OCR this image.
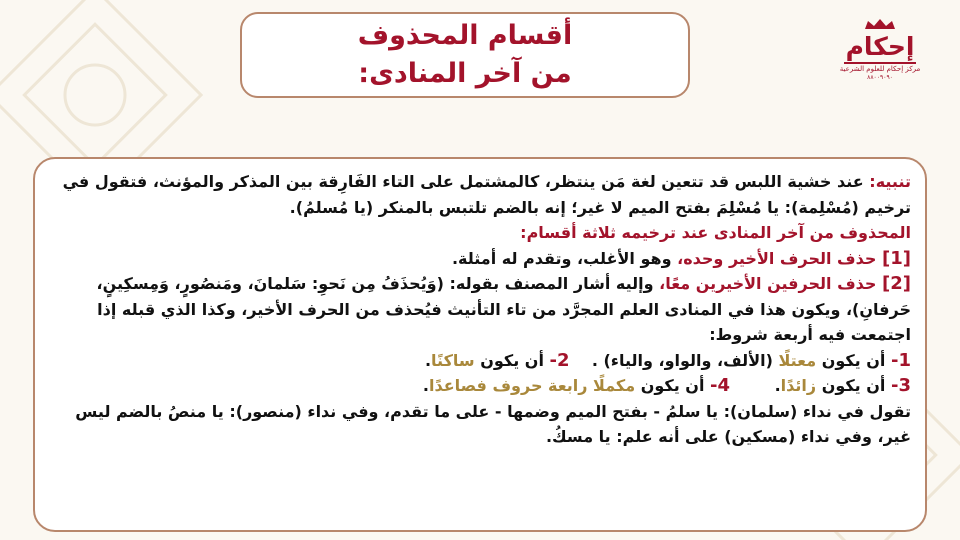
أقسام المحذوف
من آخر المنادى:
إحكام
مركز إحكام للعلوم الشرعية
٨٨٠٠٩٠٩٠

تنبيه: عند خشية اللبس قد تتعين لغة مَن ينتظر، كالمشتمل على التاء الفَارِقة بين المذكر والمؤنث، فتقول في ترخيم (مُسْلِمة): يا مُسْلِمَ بفتح الميم لا غير؛ إنه بالضم تلتبس بالمنكر (يا مُسلمُ).

المحذوف من آخر المنادى عند ترخيمه ثلاثة أقسام:

[1] حذف الحرف الأخير وحده، وهو الأغلب، وتقدم له أمثلة.

[2] حذف الحرفين الأخيرين معًا، وإليه أشار المصنف بقوله: (وَيُحذَفُ مِن نَحوِ: سَلمانَ، ومَنصُورٍ، وَمِسكِينٍ، حَرفانِ)، ويكون هذا في المنادى العلم المجرَّد من تاء التأنيث فيُحذف من الحرف الأخير، وكذا الذي قبله إذا اجتمعت فيه أربعة شروط:

1- أن يكون معتلًا (الألف، والواو، والياء) .    2- أن يكون ساكنًا.

3- أن يكون زائدًا.        4- أن يكون مكملًا رابعة حروف فصاعدًا.

تقول في نداء (سلمان): يا سلمُ - بفتح الميم وضمها - على ما تقدم، وفي نداء (منصور): يا منصُ بالضم ليس غير، وفي نداء (مسكين) على أنه علم: يا مسكُ.
